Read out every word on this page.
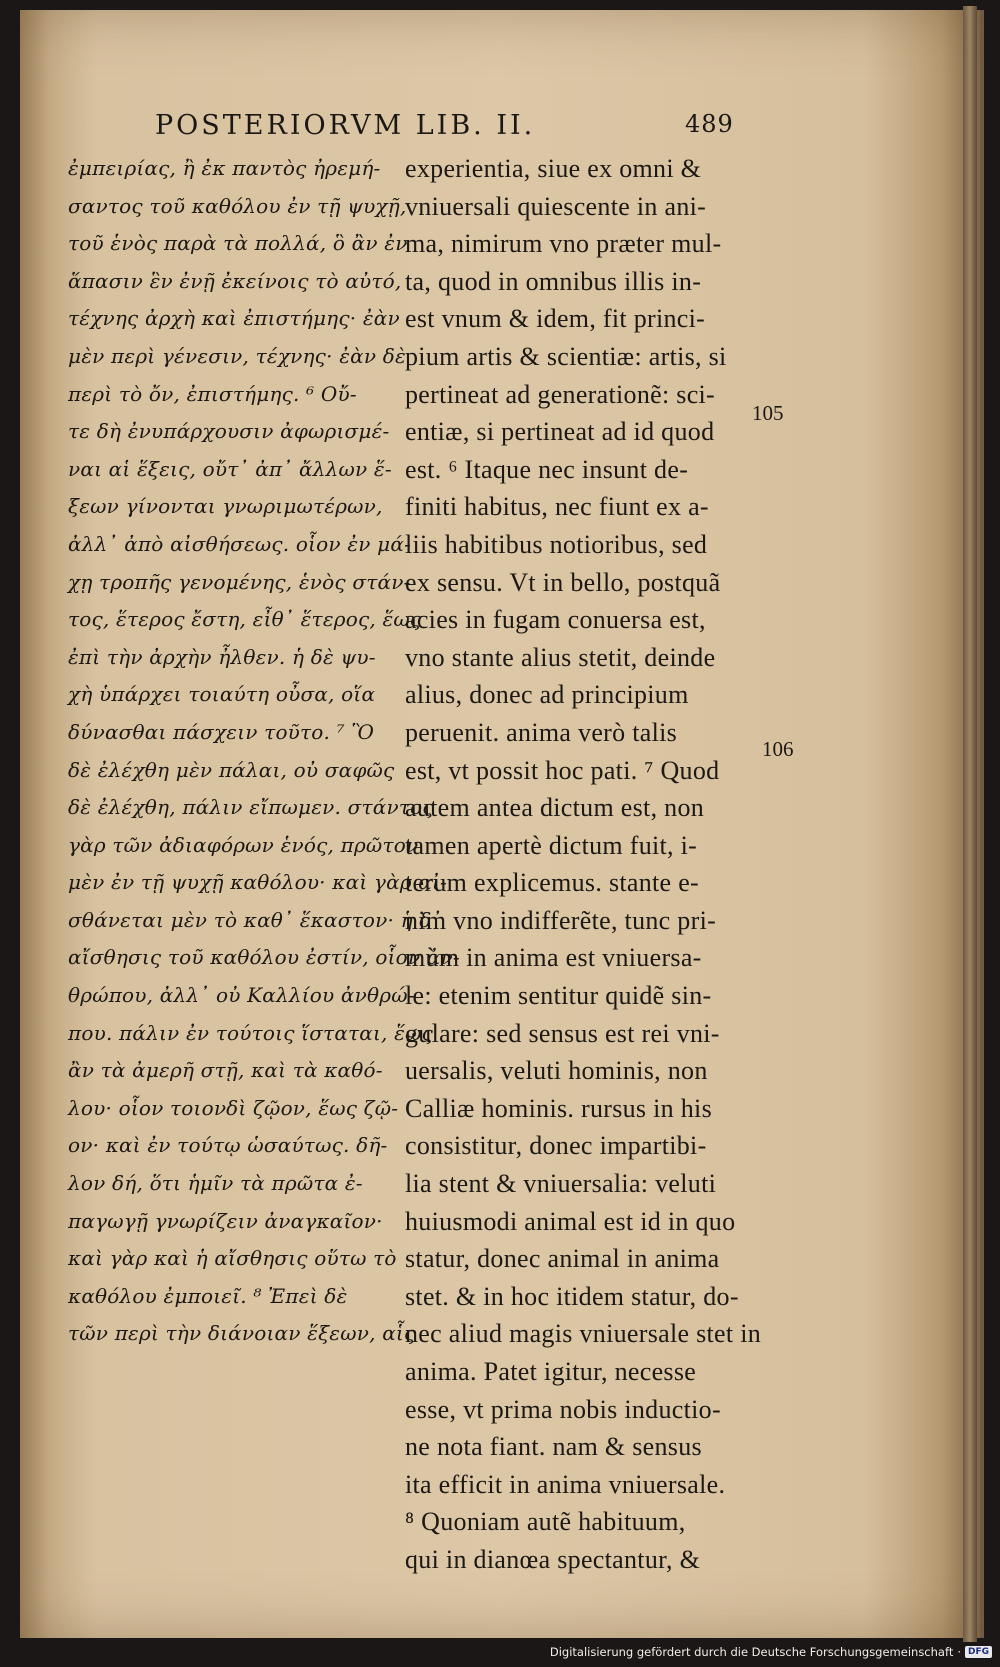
POSTERIORVM LIB. II.	489
ἐμπειρίας, ἢ ἐκ παντὸς ἠρεμή-
σαντος τοῦ καθόλου ἐν τῇ ψυχῇ,
τοῦ ἑνὸς παρὰ τὰ πολλά, ὃ ἂν ἐν
ἅπασιν ἓν ἐνῇ ἐκείνοις τὸ αὐτό,
τέχνης ἀρχὴ καὶ ἐπιστήμης· ἐὰν
μὲν περὶ γένεσιν, τέχνης· ἐὰν δὲ
περὶ τὸ ὄν, ἐπιστήμης. ⁶ Οὔ-
τε δὴ ἐνυπάρχουσιν ἀφωρισμέ-
ναι αἱ ἕξεις, οὔτ᾽ ἀπ᾽ ἄλλων ἕ-
ξεων γίνονται γνωριμωτέρων,
ἀλλ᾽ ἀπὸ αἰσθήσεως. οἷον ἐν μά-
χῃ τροπῆς γενομένης, ἑνὸς στάν-
τος, ἕτερος ἔστη, εἶθ᾽ ἕτερος, ἕως
ἐπὶ τὴν ἀρχὴν ἦλθεν. ἡ δὲ ψυ-
χὴ ὑπάρχει τοιαύτη οὖσα, οἵα
δύνασθαι πάσχειν τοῦτο. ⁷ Ὃ
δὲ ἐλέχθη μὲν πάλαι, οὐ σαφῶς
δὲ ἐλέχθη, πάλιν εἴπωμεν. στάντος
γὰρ τῶν ἀδιαφόρων ἑνός, πρῶτον
μὲν ἐν τῇ ψυχῇ καθόλου· καὶ γὰρ αἰ-
σθάνεται μὲν τὸ καθ᾽ ἕκαστον· ἡ δ᾽
αἴσθησις τοῦ καθόλου ἐστίν, οἷον ἀν-
θρώπου, ἀλλ᾽ οὐ Καλλίου ἀνθρώ-
που. πάλιν ἐν τούτοις ἵσταται, ἕως
ἂν τὰ ἀμερῆ στῇ, καὶ τὰ καθό-
λου· οἷον τοιονδὶ ζῷον, ἕως ζῷ-
ον· καὶ ἐν τούτῳ ὡσαύτως. δῆ-
λον δή, ὅτι ἡμῖν τὰ πρῶτα ἐ-
παγωγῇ γνωρίζειν ἀναγκαῖον·
καὶ γὰρ καὶ ἡ αἴσθησις οὕτω τὸ
καθόλου ἐμποιεῖ. ⁸ Ἐπεὶ δὲ
τῶν περὶ τὴν διάνοιαν ἕξεων, αἷς
experientia, siue ex omni &
vniuersali quiescente in ani-
ma, nimirum vno præter mul-
ta, quod in omnibus illis in-
est vnum & idem, fit princi-
pium artis & scientiæ: artis, si
pertineat ad generationẽ: sci-
entiæ, si pertineat ad id quod
est. ⁶ Itaque nec insunt de-
finiti habitus, nec fiunt ex a-
liis habitibus notioribus, sed
ex sensu. Vt in bello, postquã
acies in fugam conuersa est,
vno stante alius stetit, deinde
alius, donec ad principium
peruenit. anima verò talis
est, vt possit hoc pati. ⁷ Quod
autem antea dictum est, non
tamen apertè dictum fuit, i-
terum explicemus. stante e-
nim vno indifferẽte, tunc pri-
mùm in anima est vniuersa-
le: etenim sentitur quidẽ sin-
gulare: sed sensus est rei vni-
uersalis, veluti hominis, non
Calliæ hominis. rursus in his
consistitur, donec impartibi-
lia stent & vniuersalia: veluti
huiusmodi animal est id in quo
statur, donec animal in anima
stet. & in hoc itidem statur, do-
nec aliud magis vniuersale stet in
anima. Patet igitur, necesse
esse, vt prima nobis inductio-
ne nota fiant. nam & sensus
ita efficit in anima vniuersale.
⁸ Quoniam autẽ habituum,
qui in dianœa spectantur, &
105
106
Digitalisierung gefördert durch die Deutsche Forschungsgemeinschaft · DFG
